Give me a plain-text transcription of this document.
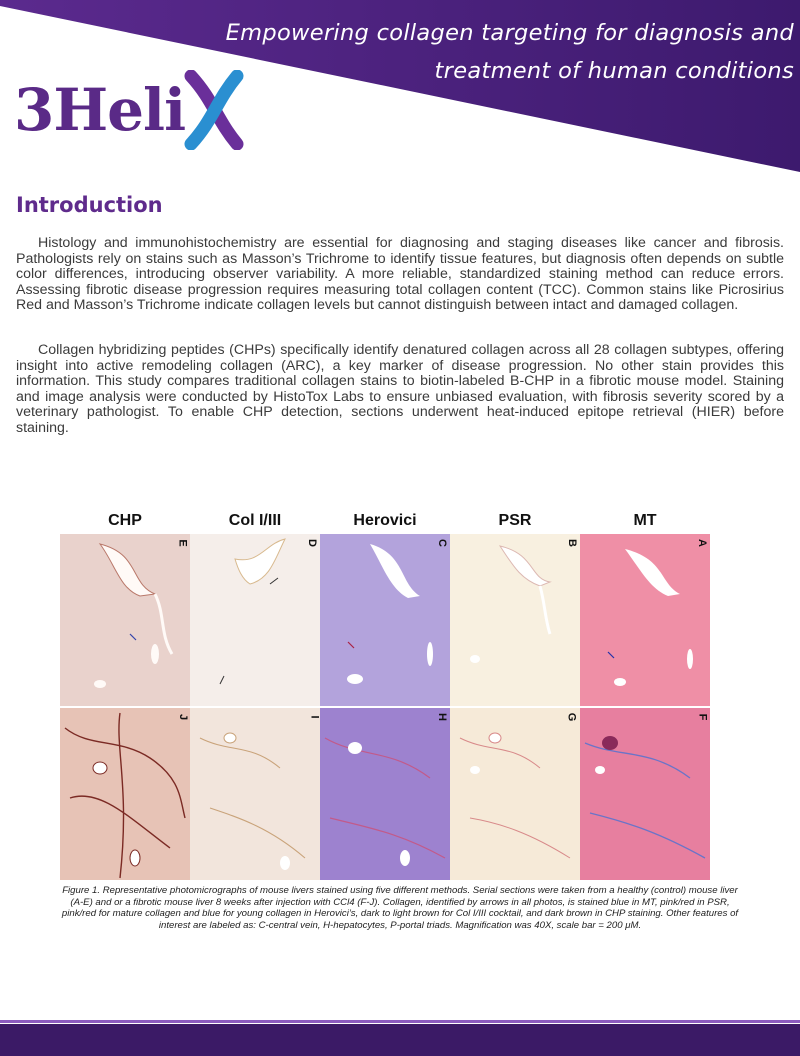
Empowering collagen targeting for diagnosis and
treatment of human conditions
3Heli
Introduction

Histology and immunohistochemistry are essential for diagnosing and staging diseases like cancer and fibrosis. Pathologists rely on stains such as Masson’s Trichrome to identify tissue features, but diagnosis often depends on subtle color differences, introducing observer variability. A more reliable, standardized staining method can reduce errors. Assessing fibrotic disease progression requires measuring total collagen content (TCC). Common stains like Picrosirius Red and Masson’s Trichrome indicate collagen levels but cannot distinguish between intact and damaged collagen.

Collagen hybridizing peptides (CHPs) specifically identify denatured collagen across all 28 collagen subtypes, offering insight into active remodeling collagen (ARC), a key marker of disease progression. No other stain provides this information. This study compares traditional collagen stains to biotin-labeled B-CHP in a fibrotic mouse model. Staining and image analysis were conducted by HistoTox Labs to ensure unbiased evaluation, with fibrosis severity scored by a veterinary pathologist. To enable CHP detection, sections underwent heat-induced epitope retrieval (HIER) before staining.

CHP	Col I/III	Herovici	PSR	MT
E	D	C	B	A
J	I	H	G	F

Figure 1. Representative photomicrographs of mouse livers stained using five different methods. Serial sections were taken from a healthy (control) mouse liver (A-E) and or a fibrotic mouse liver 8 weeks after injection with CCl4 (F-J). Collagen, identified by arrows in all photos, is stained blue in MT, pink/red in PSR, pink/red for mature collagen and blue for young collagen in Herovici’s, dark to light brown for Col I/III cocktail, and dark brown in CHP staining. Other features of interest are labeled as: C-central vein, H-hepatocytes, P-portal triads. Magnification was 40X, scale bar = 200 μM.
